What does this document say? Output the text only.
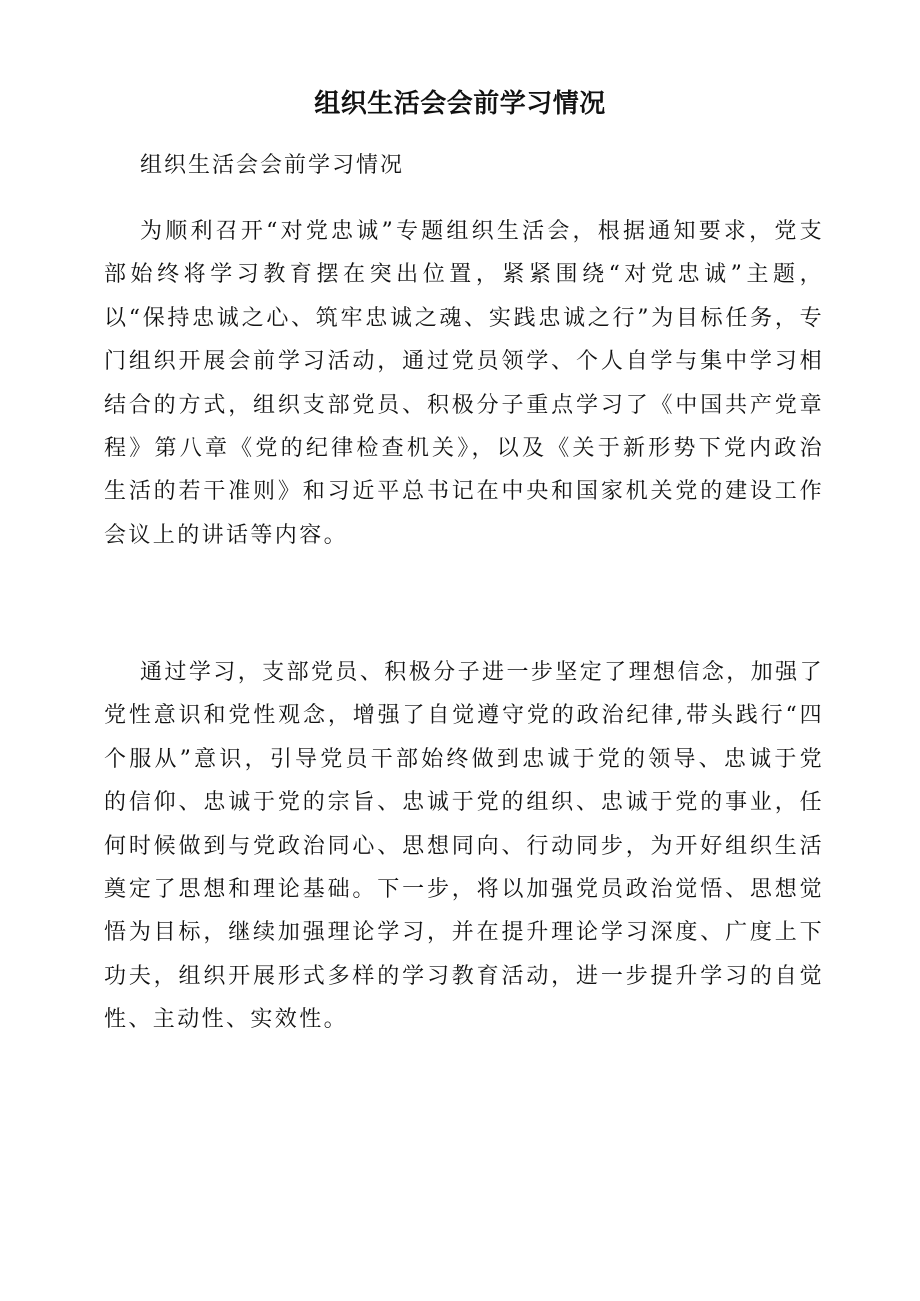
组织生活会会前学习情况

组织生活会会前学习情况

为顺利召开“对党忠诚”专题组织生活会，根据通知要求，党支部始终将学习教育摆在突出位置，紧紧围绕“对党忠诚”主题，以“保持忠诚之心、筑牢忠诚之魂、实践忠诚之行”为目标任务，专门组织开展会前学习活动，通过党员领学、个人自学与集中学习相结合的方式，组织支部党员、积极分子重点学习了《中国共产党章程》第八章《党的纪律检查机关》，以及《关于新形势下党内政治生活的若干准则》和习近平总书记在中央和国家机关党的建设工作会议上的讲话等内容。

通过学习，支部党员、积极分子进一步坚定了理想信念，加强了党性意识和党性观念，增强了自觉遵守党的政治纪律,带头践行“四个服从”意识，引导党员干部始终做到忠诚于党的领导、忠诚于党的信仰、忠诚于党的宗旨、忠诚于党的组织、忠诚于党的事业，任何时候做到与党政治同心、思想同向、行动同步，为开好组织生活奠定了思想和理论基础。下一步，将以加强党员政治觉悟、思想觉悟为目标，继续加强理论学习，并在提升理论学习深度、广度上下功夫，组织开展形式多样的学习教育活动，进一步提升学习的自觉性、主动性、实效性。
